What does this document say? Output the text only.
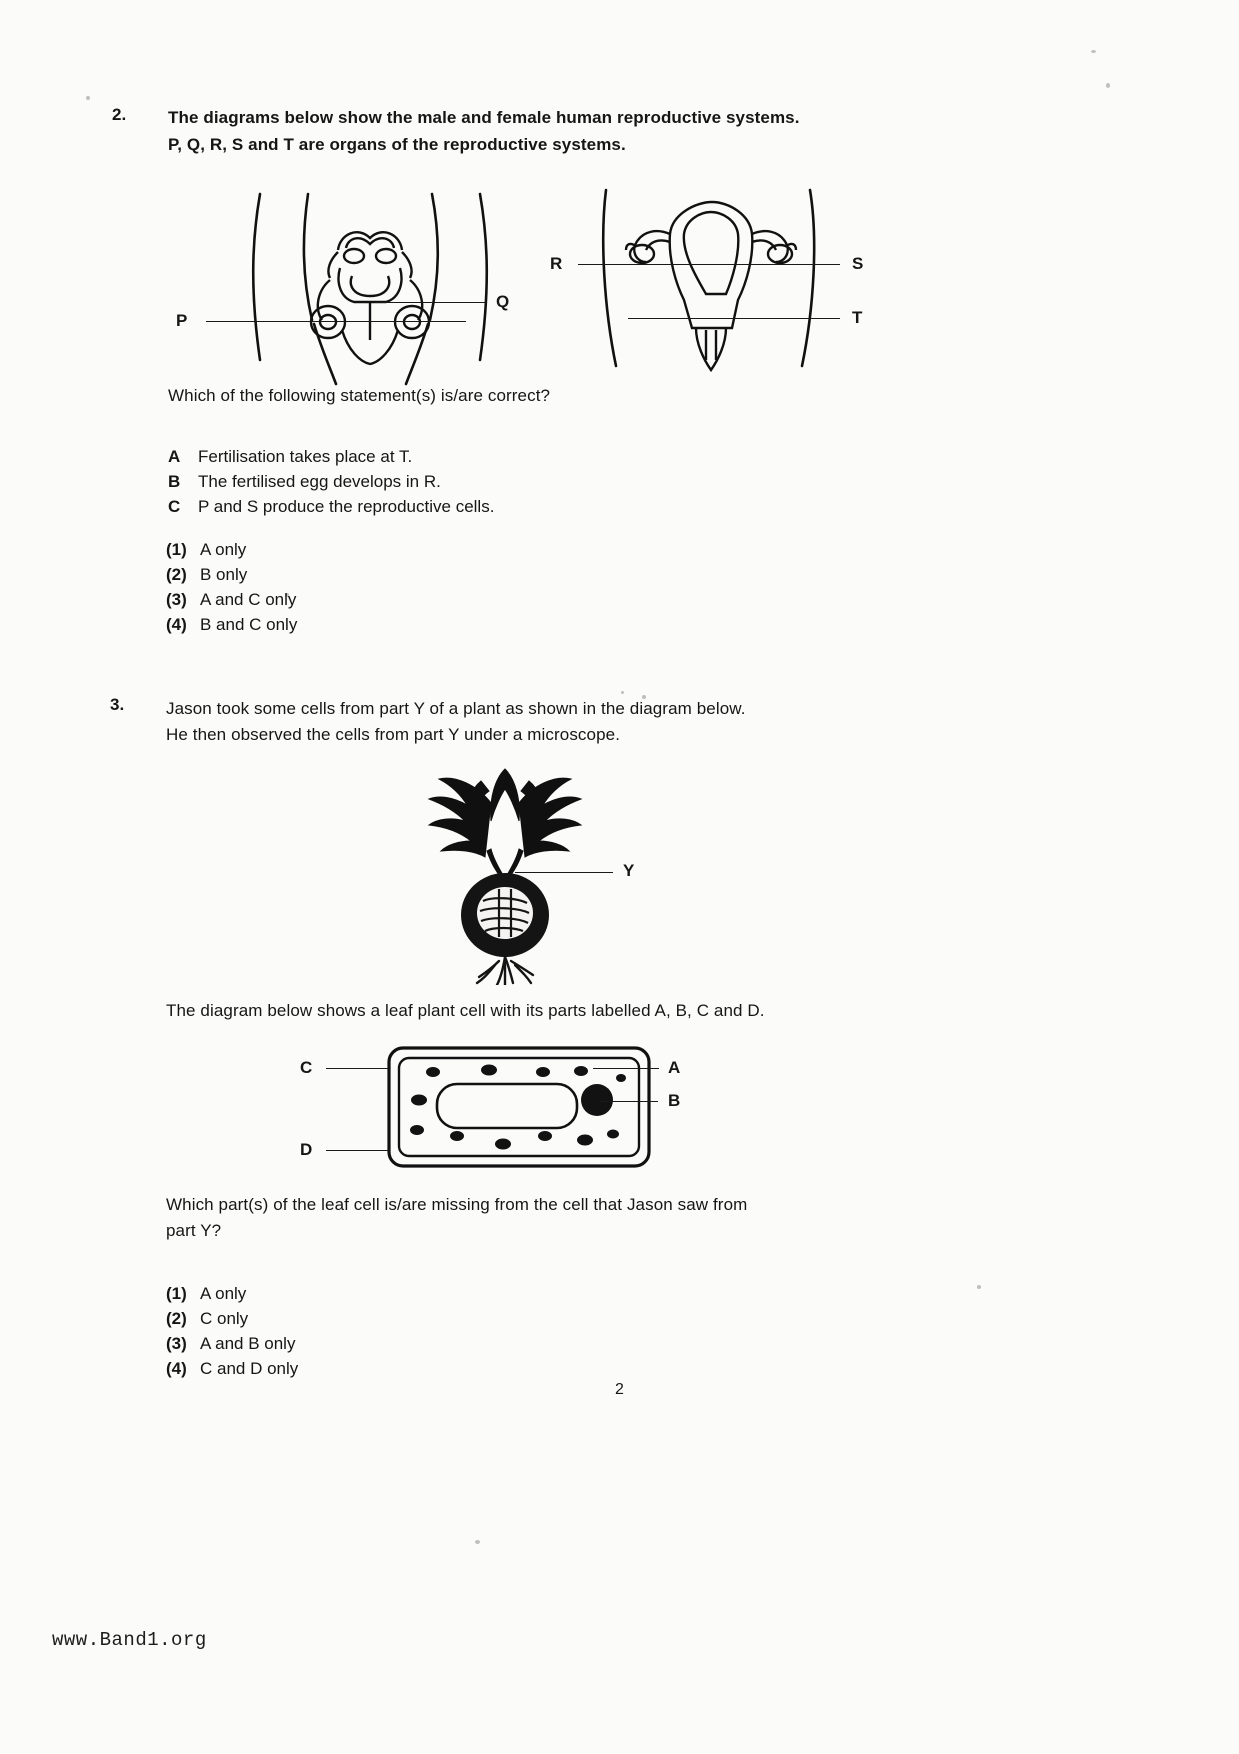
2. The diagrams below show the male and female human reproductive systems.
P, Q, R, S and T are organs of the reproductive systems.
P
Q
R	S
T
Which of the following statement(s) is/are correct?
A	Fertilisation takes place at T.
B	The fertilised egg develops in R.
C	P and S produce the reproductive cells.
(1) A only
(2) B only
(3) A and C only
(4) B and C only
3. Jason took some cells from part Y of a plant as shown in the diagram below.
He then observed the cells from part Y under a microscope.
Y
The diagram below shows a leaf plant cell with its parts labelled A, B, C and D.
C
D
A
B
Which part(s) of the leaf cell is/are missing from the cell that Jason saw from
part Y?
(1) A only
(2) C only
(3) A and B only
(4) C and D only
2
www.Band1.org
